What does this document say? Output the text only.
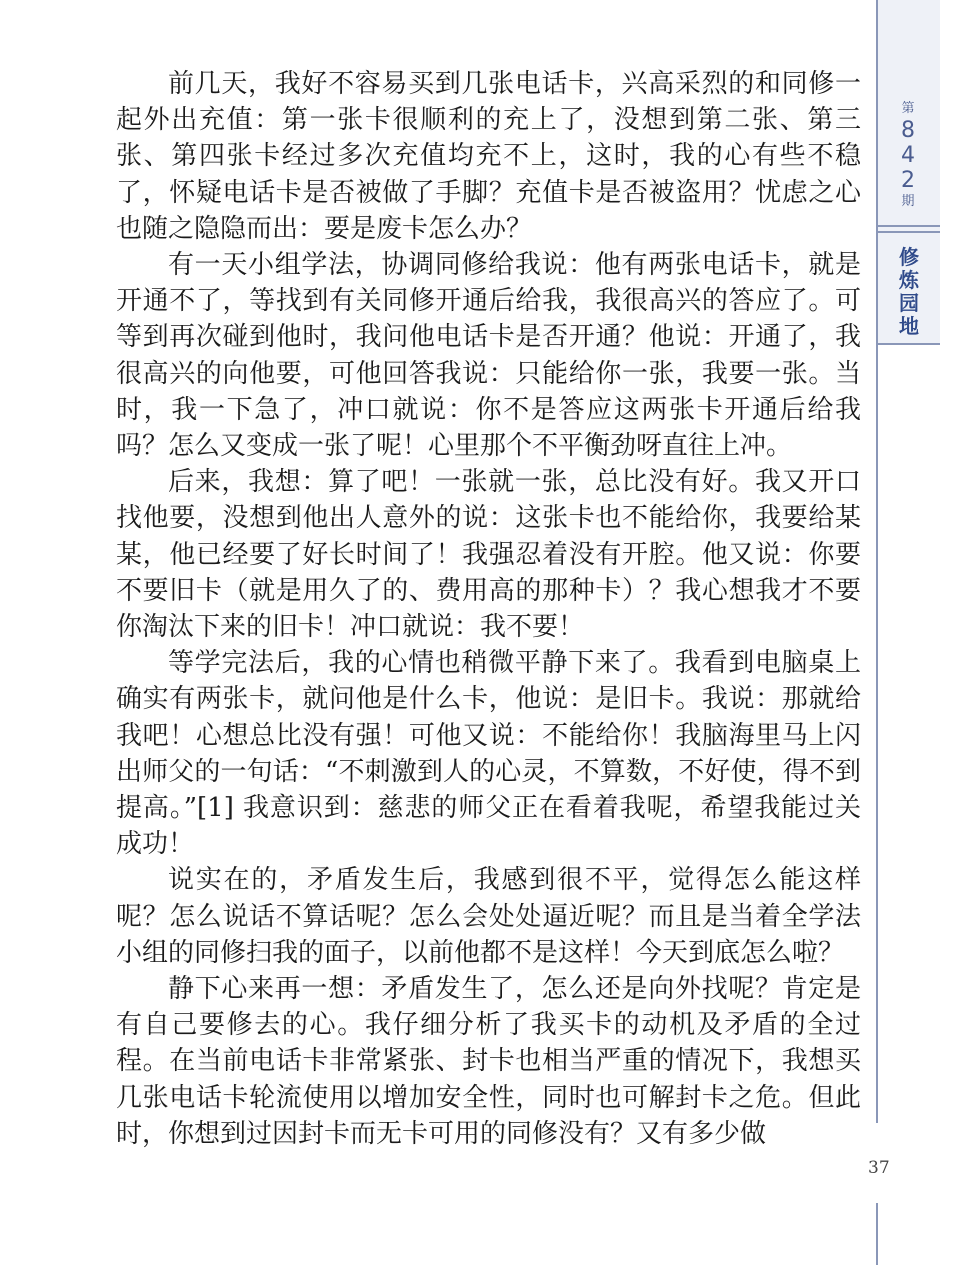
前几天，我好不容易买到几张电话卡，兴高采烈的和同修一起外出充值：第一张卡很顺利的充上了，没想到第二张、第三张、第四张卡经过多次充值均充不上，这时，我的心有些不稳了，怀疑电话卡是否被做了手脚？充值卡是否被盗用？忧虑之心也随之隐隐而出：要是废卡怎么办？

有一天小组学法，协调同修给我说：他有两张电话卡，就是开通不了，等找到有关同修开通后给我，我很高兴的答应了。可等到再次碰到他时，我问他电话卡是否开通？他说：开通了，我很高兴的向他要，可他回答我说：只能给你一张，我要一张。当时，我一下急了，冲口就说：你不是答应这两张卡开通后给我吗？怎么又变成一张了呢！心里那个不平衡劲呀直往上冲。

后来，我想：算了吧！一张就一张，总比没有好。我又开口找他要，没想到他出人意外的说：这张卡也不能给你，我要给某某，他已经要了好长时间了！我强忍着没有开腔。他又说：你要不要旧卡（就是用久了的、费用高的那种卡）？我心想我才不要你淘汰下来的旧卡！冲口就说：我不要！

等学完法后，我的心情也稍微平静下来了。我看到电脑桌上确实有两张卡，就问他是什么卡，他说：是旧卡。我说：那就给我吧！心想总比没有强！可他又说：不能给你！我脑海里马上闪出师父的一句话：“不刺激到人的心灵，不算数，不好使，得不到提高。”[1] 我意识到：慈悲的师父正在看着我呢，希望我能过关成功！

说实在的，矛盾发生后，我感到很不平，觉得怎么能这样呢？怎么说话不算话呢？怎么会处处逼近呢？而且是当着全学法小组的同修扫我的面子，以前他都不是这样！今天到底怎么啦？

静下心来再一想：矛盾发生了，怎么还是向外找呢？肯定是有自己要修去的心。我仔细分析了我买卡的动机及矛盾的全过程。在当前电话卡非常紧张、封卡也相当严重的情况下，我想买几张电话卡轮流使用以增加安全性，同时也可解封卡之危。但此时，你想到过因封卡而无卡可用的同修没有？又有多少做

第
8
4
2
期
修
炼
园
地
37
